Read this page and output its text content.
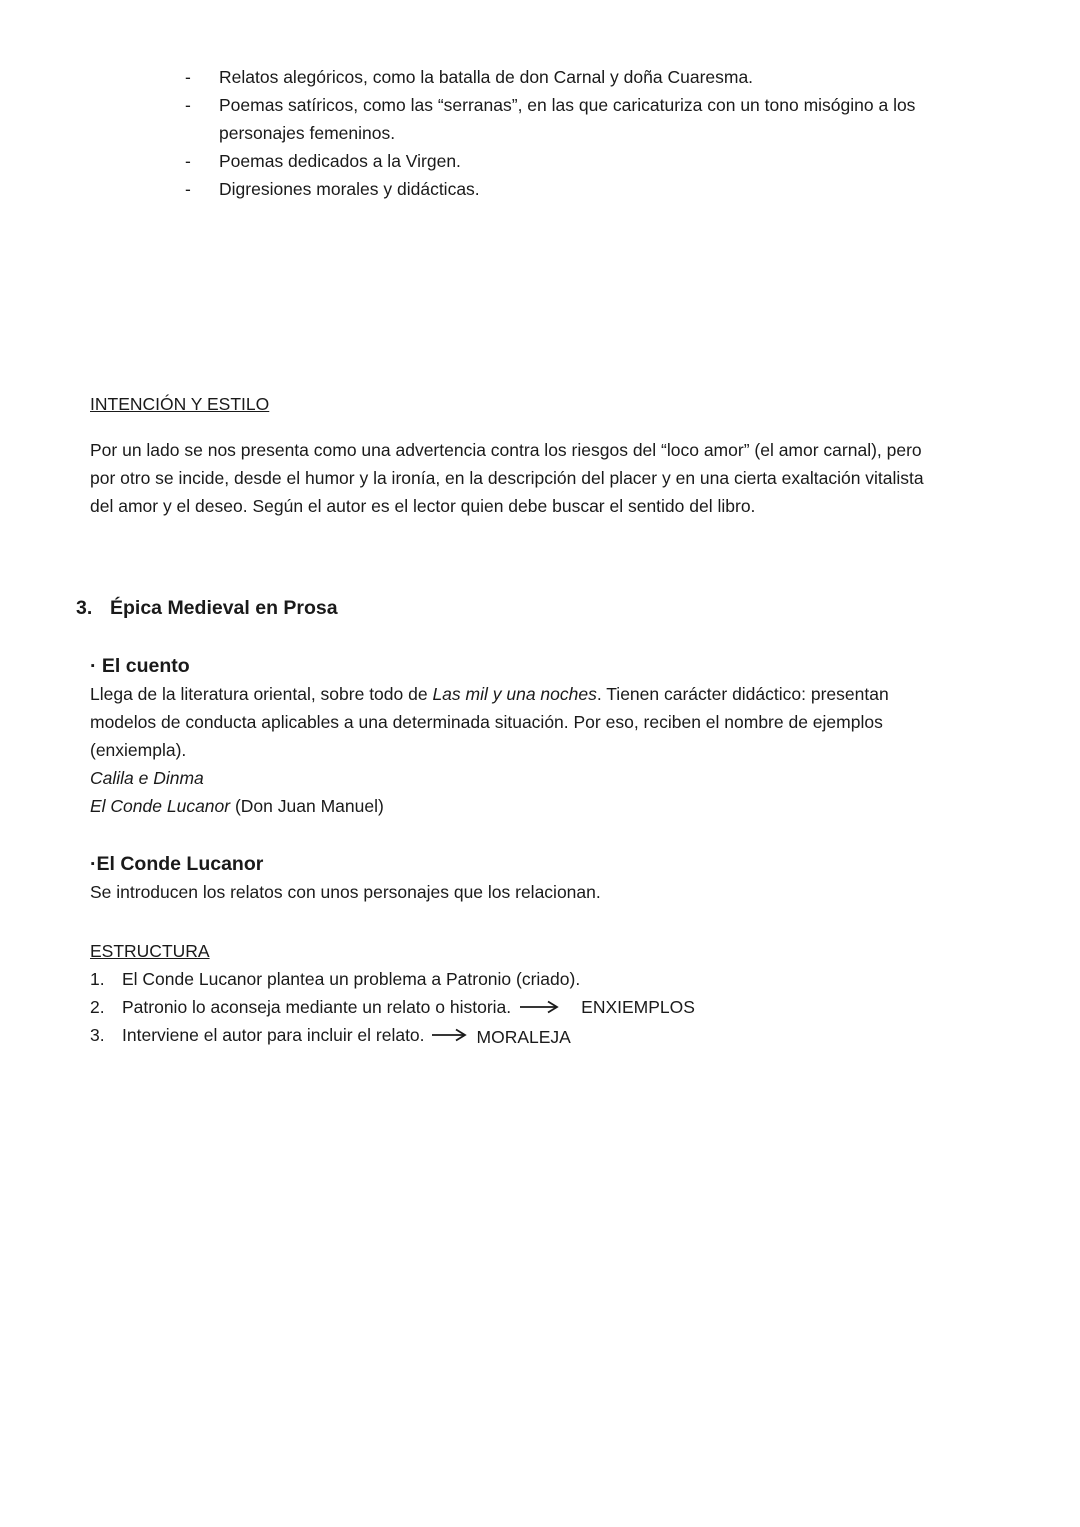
-	Relatos alegóricos, como la batalla de don Carnal y doña Cuaresma.
-	Poemas satíricos, como las “serranas”, en las que caricaturiza con un tono misógino a los personajes femeninos.
-	Poemas dedicados a la Virgen.
-	Digresiones morales y didácticas.
INTENCIÓN Y ESTILO

Por un lado se nos presenta como una advertencia contra los riesgos del “loco amor” (el amor carnal), pero por otro se incide, desde el humor y la ironía, en la descripción del placer y en una cierta exaltación vitalista del amor y el deseo. Según el autor es el lector quien debe buscar el sentido del libro.

3. Épica Medieval en Prosa
· El cuento

Llega de la literatura oriental, sobre todo de Las mil y una noches. Tienen carácter didáctico: presentan modelos de conducta aplicables a una determinada situación. Por eso, reciben el nombre de ejemplos (enxiempla).

Calila e Dinma
El Conde Lucanor (Don Juan Manuel)
·El Conde Lucanor

Se introducen los relatos con unos personajes que los relacionan.

ESTRUCTURA
1. El Conde Lucanor plantea un problema a Patronio (criado).
2. Patronio lo aconseja mediante un relato o historia.	ENXIEMPLOS
3. Interviene el autor para incluir el relato.	MORALEJA
